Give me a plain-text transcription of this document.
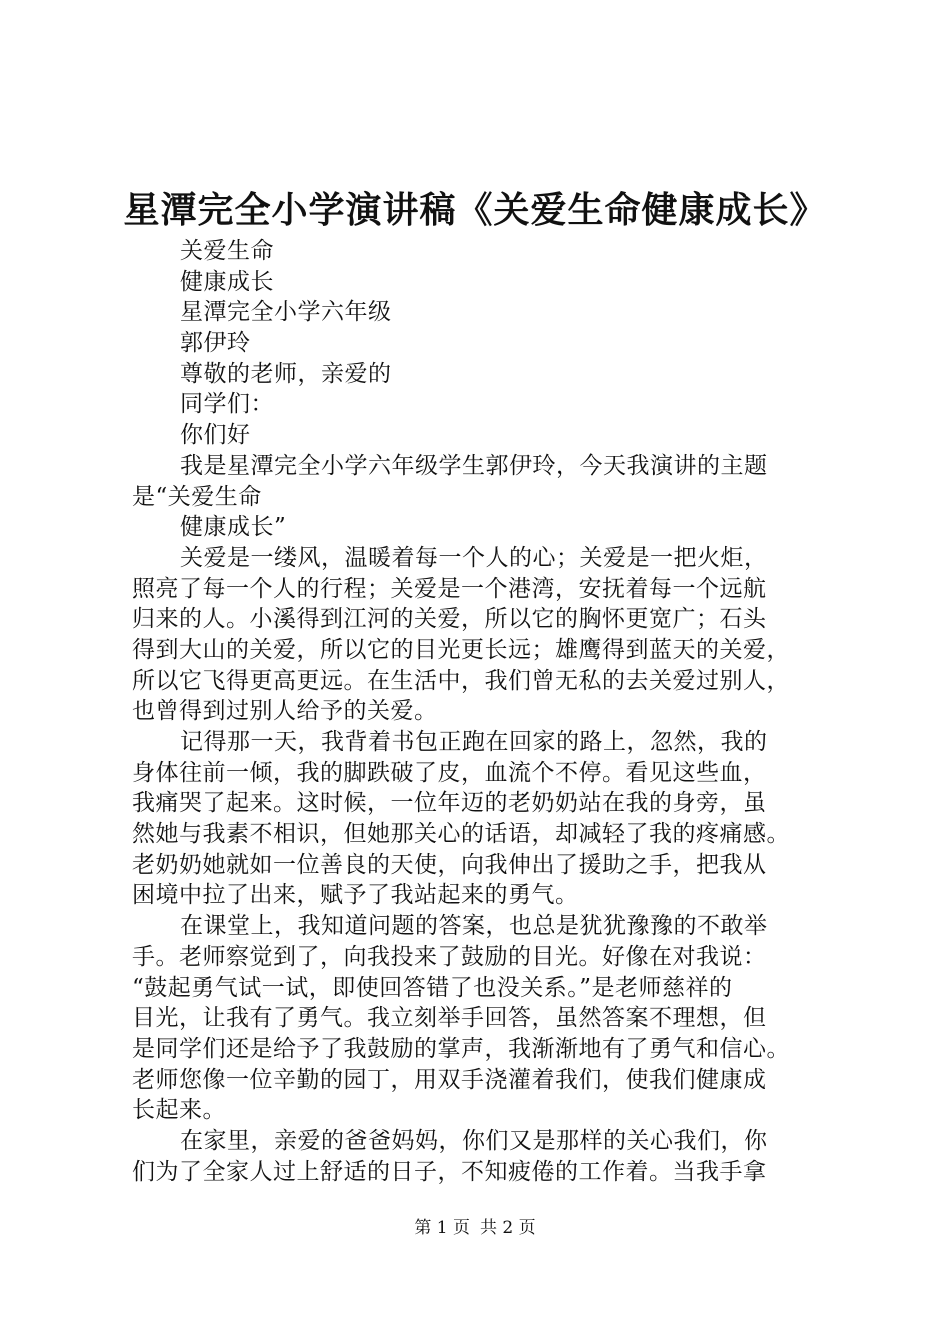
星潭完全小学演讲稿《关爱生命健康成长》
关爱生命
健康成长
星潭完全小学六年级
郭伊玲
尊敬的老师，亲爱的
同学们：
你们好
我是星潭完全小学六年级学生郭伊玲，今天我演讲的主题
是“关爱生命
健康成长”
关爱是一缕风，温暖着每一个人的心；关爱是一把火炬，
照亮了每一个人的行程；关爱是一个港湾，安抚着每一个远航
归来的人。小溪得到江河的关爱，所以它的胸怀更宽广；石头
得到大山的关爱，所以它的目光更长远；雄鹰得到蓝天的关爱，
所以它飞得更高更远。在生活中，我们曾无私的去关爱过别人，
也曾得到过别人给予的关爱。
记得那一天，我背着书包正跑在回家的路上，忽然，我的
身体往前一倾，我的脚跌破了皮，血流个不停。看见这些血，
我痛哭了起来。这时候，一位年迈的老奶奶站在我的身旁，虽
然她与我素不相识，但她那关心的话语，却减轻了我的疼痛感。
老奶奶她就如一位善良的天使，向我伸出了援助之手，把我从
困境中拉了出来，赋予了我站起来的勇气。
在课堂上，我知道问题的答案，也总是犹犹豫豫的不敢举
手。老师察觉到了，向我投来了鼓励的目光。好像在对我说：
“鼓起勇气试一试，即使回答错了也没关系。”是老师慈祥的
目光，让我有了勇气。我立刻举手回答，虽然答案不理想，但
是同学们还是给予了我鼓励的掌声，我渐渐地有了勇气和信心。
老师您像一位辛勤的园丁，用双手浇灌着我们，使我们健康成
长起来。
在家里，亲爱的爸爸妈妈，你们又是那样的关心我们，你
们为了全家人过上舒适的日子，不知疲倦的工作着。当我手拿
第 1 页 共 2 页
